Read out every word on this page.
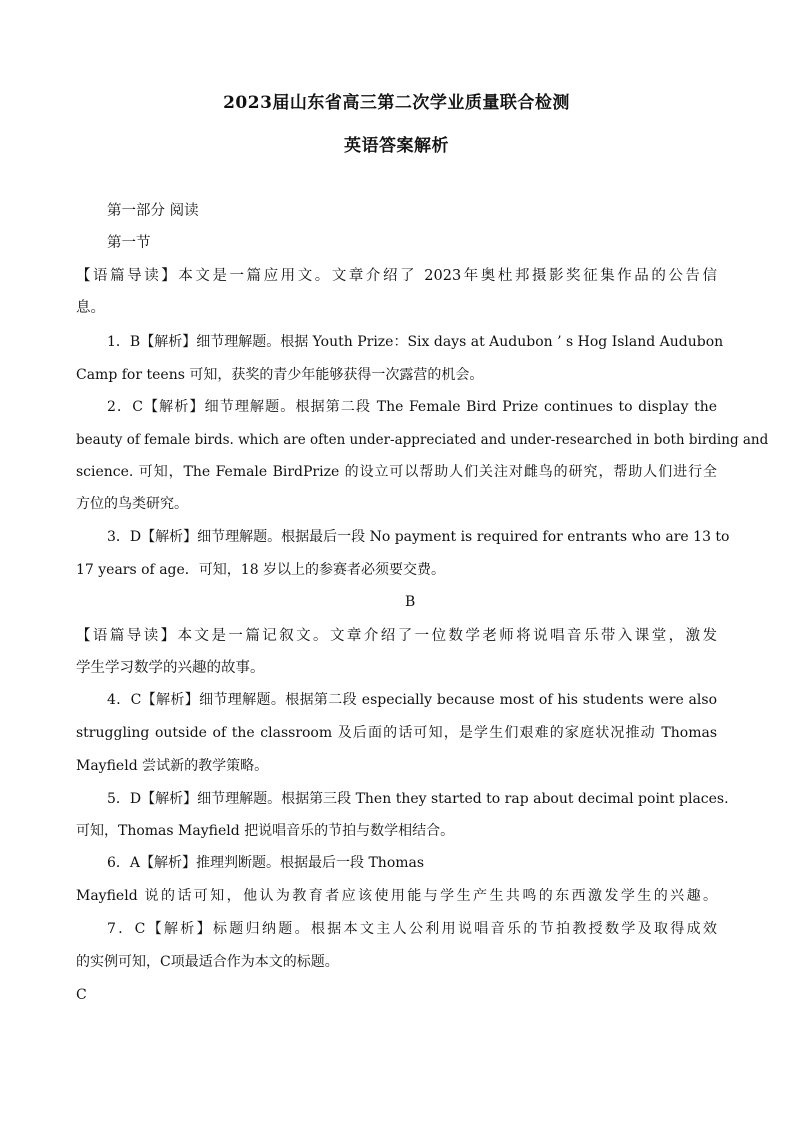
2023届山东省高三第二次学业质量联合检测
英语答案解析
第一部分 阅读
第一节
【语篇导读】本文是一篇应用文。文章介绍了 2023年奥杜邦摄影奖征集作品的公告信
息。
1．B【解析】细节理解题。根据 Youth Prize：Six days at Audubon ’ s Hog Island Audubon
Camp for teens 可知，获奖的青少年能够获得一次露营的机会。
2．C【解析】细节理解题。根据第二段 The Female Bird Prize continues to display the
beauty of female birds. which are often under-appreciated and under-researched in both birding and
science. 可知，The Female BirdPrize 的设立可以帮助人们关注对雌鸟的研究，帮助人们进行全
方位的鸟类研究。
3．D【解析】细节理解题。根据最后一段 No payment is required for entrants who are 13 to
17 years of age．可知，18 岁以上的参赛者必须要交费。
B
【语篇导读】本文是一篇记叙文。文章介绍了一位数学老师将说唱音乐带入课堂，激发
学生学习数学的兴趣的故事。
4．C【解析】细节理解题。根据第二段 especially because most of his students were also
struggling outside of the classroom 及后面的话可知，是学生们艰难的家庭状况推动 Thomas
Mayfield 尝试新的教学策略。
5．D【解析】细节理解题。根据第三段 Then they started to rap about decimal point places.
可知，Thomas Mayfield 把说唱音乐的节拍与数学相结合。
6．A【解析】推理判断题。根据最后一段 Thomas
Mayfield 说的话可知，他认为教育者应该使用能与学生产生共鸣的东西激发学生的兴趣。
7．C【解析】标题归纳题。根据本文主人公利用说唱音乐的节拍教授数学及取得成效
的实例可知，C项最适合作为本文的标题。
C
